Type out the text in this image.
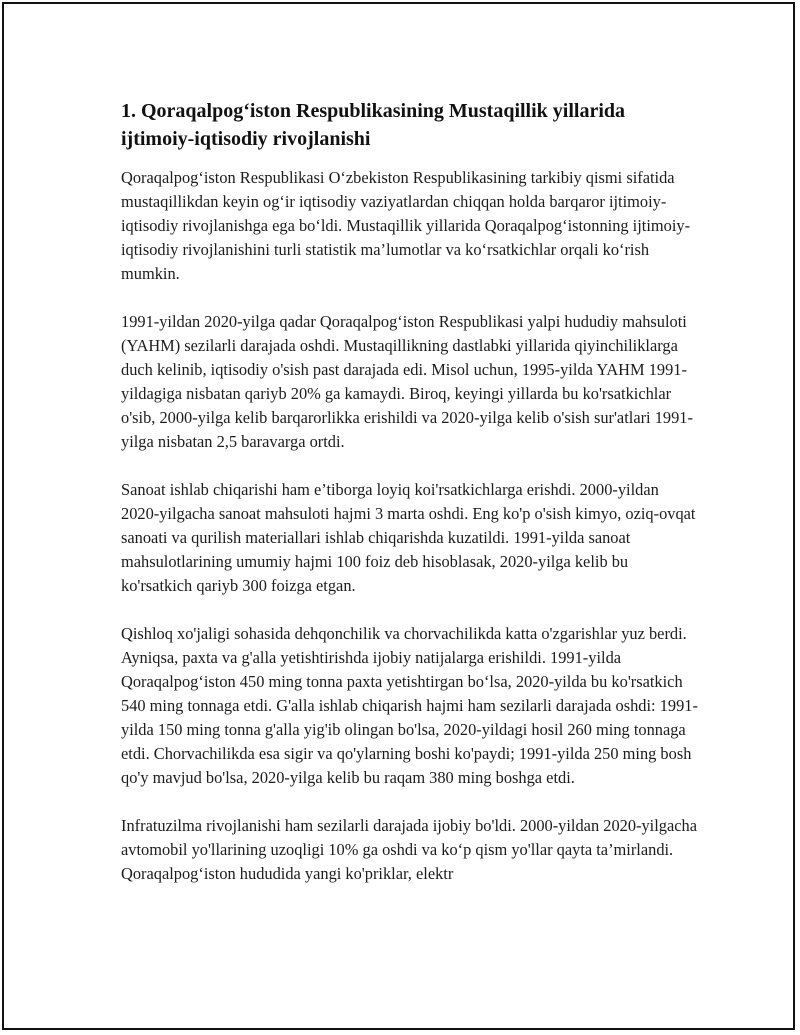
1. Qoraqalpog‘iston Respublikasining Mustaqillik yillarida ijtimoiy-iqtisodiy rivojlanishi

Qoraqalpog‘iston Respublikasi O‘zbekiston Respublikasining tarkibiy qismi sifatida mustaqillikdan keyin og‘ir iqtisodiy vaziyatlardan chiqqan holda barqaror ijtimoiy-iqtisodiy rivojlanishga ega bo‘ldi. Mustaqillik yillarida Qoraqalpog‘istonning ijtimoiy-iqtisodiy rivojlanishini turli statistik ma’lumotlar va ko‘rsatkichlar orqali ko‘rish mumkin.

1991-yildan 2020-yilga qadar Qoraqalpog‘iston Respublikasi yalpi hududiy mahsuloti (YAHM) sezilarli darajada oshdi. Mustaqillikning dastlabki yillarida qiyinchiliklarga duch kelinib, iqtisodiy o'sish past darajada edi. Misol uchun, 1995-yilda YAHM 1991-yildagiga nisbatan qariyb 20% ga kamaydi. Biroq, keyingi yillarda bu ko'rsatkichlar o'sib, 2000-yilga kelib barqarorlikka erishildi va 2020-yilga kelib o'sish sur'atlari 1991-yilga nisbatan 2,5 baravarga ortdi.

Sanoat ishlab chiqarishi ham e’tiborga loyiq koi'rsatkichlarga erishdi. 2000-yildan 2020-yilgacha sanoat mahsuloti hajmi 3 marta oshdi. Eng ko'p o'sish kimyo, oziq-ovqat sanoati va qurilish materiallari ishlab chiqarishda kuzatildi. 1991-yilda sanoat mahsulotlarining umumiy hajmi 100 foiz deb hisoblasak, 2020-yilga kelib bu ko'rsatkich qariyb 300 foizga etgan.

Qishloq xo'jaligi sohasida dehqonchilik va chorvachilikda katta o'zgarishlar yuz berdi. Ayniqsa, paxta va g'alla yetishtirishda ijobiy natijalarga erishildi. 1991-yilda Qoraqalpog‘iston 450 ming tonna paxta yetishtirgan bo‘lsa, 2020-yilda bu ko'rsatkich 540 ming tonnaga etdi. G'alla ishlab chiqarish hajmi ham sezilarli darajada oshdi: 1991-yilda 150 ming tonna g'alla yig'ib olingan bo'lsa, 2020-yildagi hosil 260 ming tonnaga etdi. Chorvachilikda esa sigir va qo'ylarning boshi ko'paydi; 1991-yilda 250 ming bosh qo'y mavjud bo'lsa, 2020-yilga kelib bu raqam 380 ming boshga etdi.

Infratuzilma rivojlanishi ham sezilarli darajada ijobiy bo'ldi. 2000-yildan 2020-yilgacha avtomobil yo'llarining uzoqligi 10% ga oshdi va ko‘p qism yo'llar qayta ta’mirlandi. Qoraqalpog‘iston hududida yangi ko'priklar, elektr
